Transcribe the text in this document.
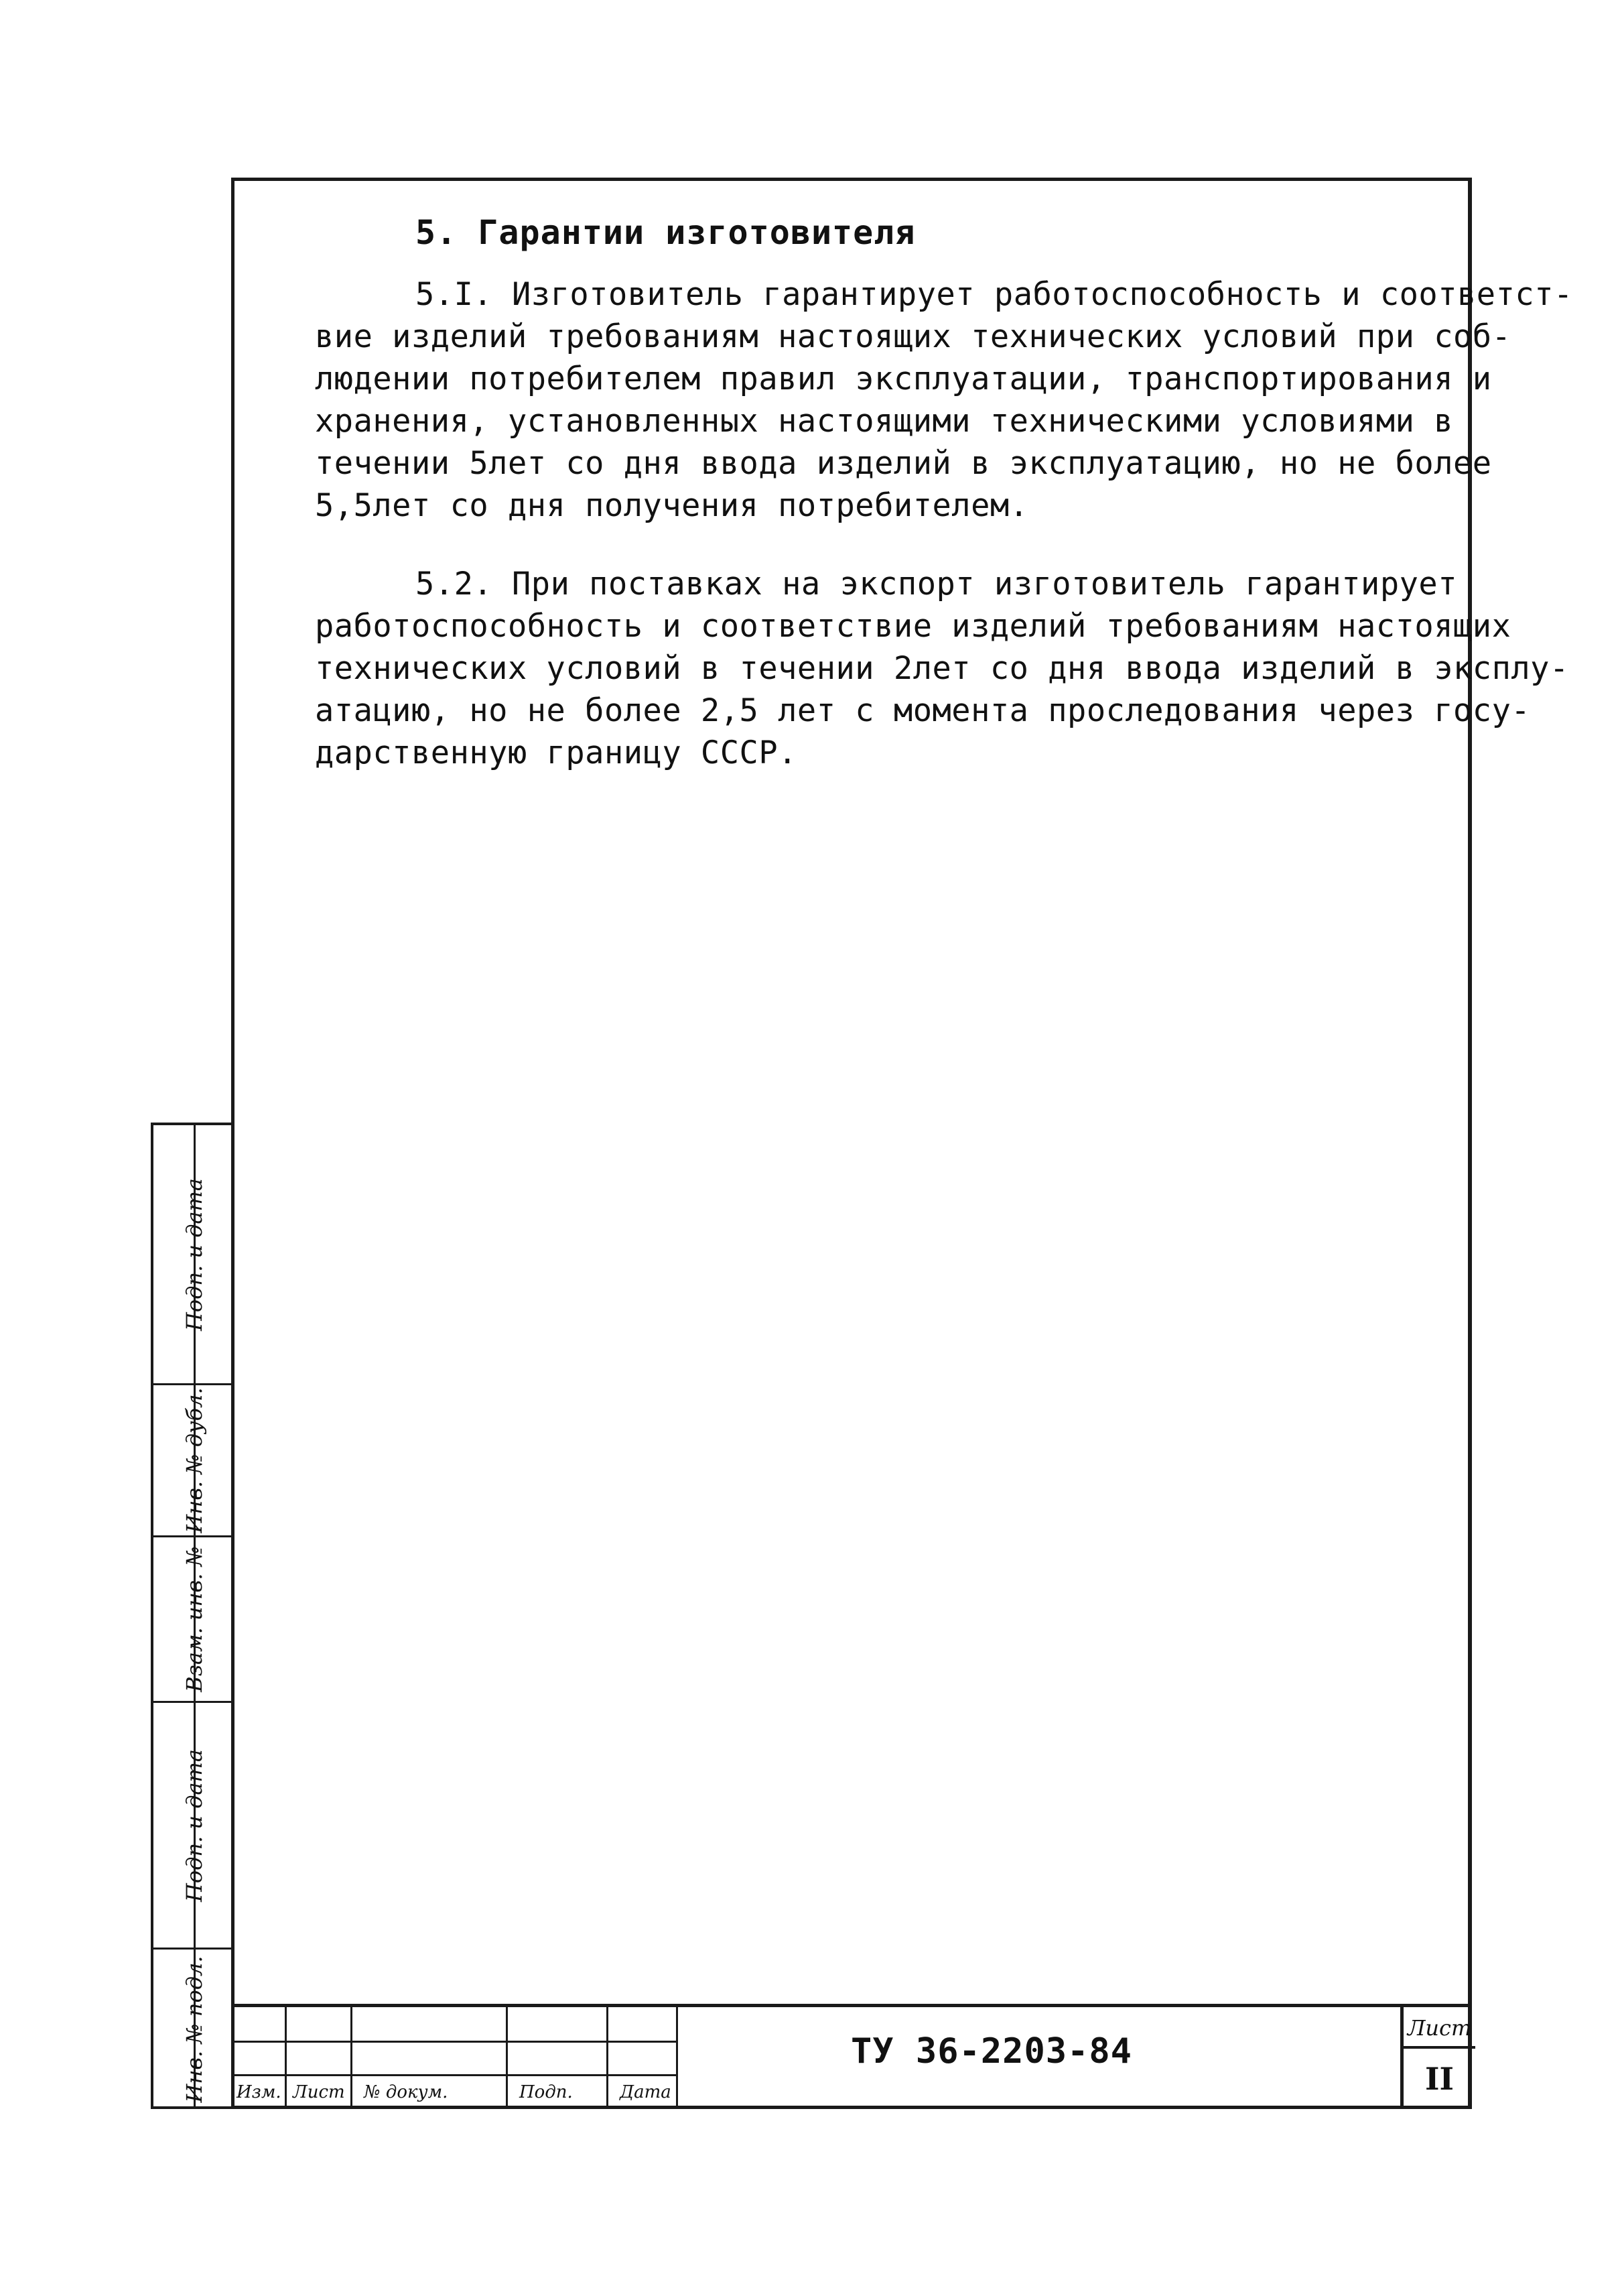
5. Гарантии изготовителя
5.I. Изготовитель гарантирует работоспособность и соответст-
вие изделий требованиям настоящих технических условий при соб-
людении потребителем правил эксплуатации, транспортирования и
хранения, установленных настоящими техническими условиями в
течении 5лет со дня ввода изделий в эксплуатацию, но не более
5,5лет со дня получения потребителем.
5.2. При поставках на экспорт изготовитель гарантирует
работоспособность и соответствие изделий требованиям настоящих
технических условий в течении 2лет со дня ввода изделий в эксплу-
атацию, но не более 2,5 лет с момента проследования через госу-
дарственную границу СССР.
Подп. и дата
Инв. № дубл.
Взам. инв. №
Подп. и дата
Инв. № подл. Изм. Лист № докум.	Подп.	Дата
ТУ 36-2203-84
Лист
II
